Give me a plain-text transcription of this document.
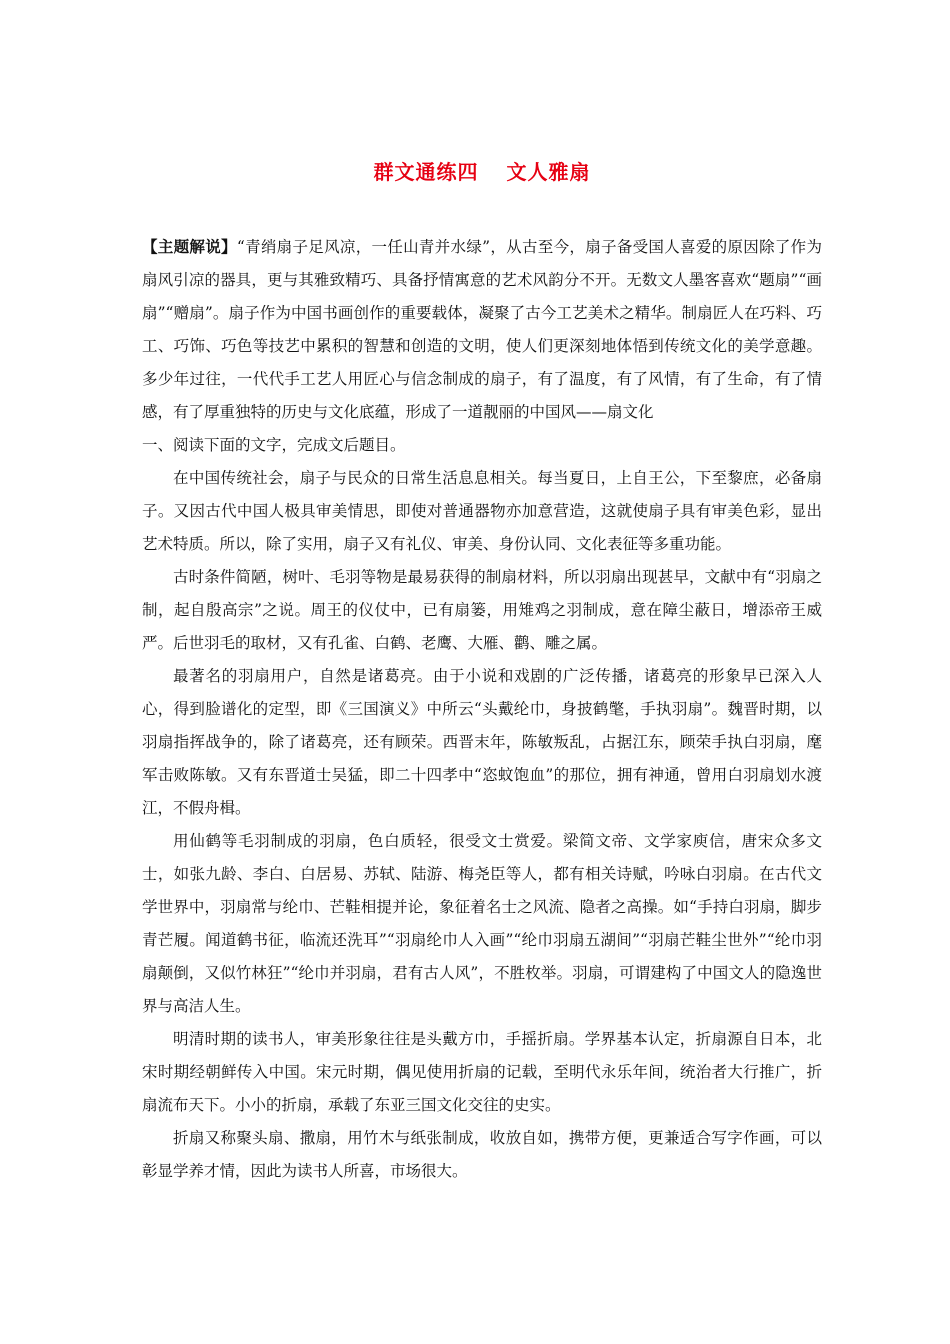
群文通练四 文人雅扇

【主题解说】“青绡扇子足风凉，一任山青并水绿”，从古至今，扇子备受国人喜爱的原因除了作为扇风引凉的器具，更与其雅致精巧、具备抒情寓意的艺术风韵分不开。无数文人墨客喜欢“题扇”“画扇”“赠扇”。扇子作为中国书画创作的重要载体，凝聚了古今工艺美术之精华。制扇匠人在巧料、巧工、巧饰、巧色等技艺中累积的智慧和创造的文明，使人们更深刻地体悟到传统文化的美学意趣。多少年过往，一代代手工艺人用匠心与信念制成的扇子，有了温度，有了风情，有了生命，有了情感，有了厚重独特的历史与文化底蕴，形成了一道靓丽的中国风——扇文化

一、阅读下面的文字，完成文后题目。

在中国传统社会，扇子与民众的日常生活息息相关。每当夏日，上自王公，下至黎庶，必备扇子。又因古代中国人极具审美情思，即使对普通器物亦加意营造，这就使扇子具有审美色彩，显出艺术特质。所以，除了实用，扇子又有礼仪、审美、身份认同、文化表征等多重功能。

古时条件简陋，树叶、毛羽等物是最易获得的制扇材料，所以羽扇出现甚早，文献中有“羽扇之制，起自殷高宗”之说。周王的仪仗中，已有扇篓，用雉鸡之羽制成，意在障尘蔽日，增添帝王威严。后世羽毛的取材，又有孔雀、白鹤、老鹰、大雁、鹳、雕之属。

最著名的羽扇用户，自然是诸葛亮。由于小说和戏剧的广泛传播，诸葛亮的形象早已深入人心，得到脸谱化的定型，即《三国演义》中所云“头戴纶巾，身披鹤氅，手执羽扇”。魏晋时期，以羽扇指挥战争的，除了诸葛亮，还有顾荣。西晋末年，陈敏叛乱，占据江东，顾荣手执白羽扇，麾军击败陈敏。又有东晋道士吴猛，即二十四孝中“恣蚊饱血”的那位，拥有神通，曾用白羽扇划水渡江，不假舟楫。

用仙鹤等毛羽制成的羽扇，色白质轻，很受文士赏爱。梁简文帝、文学家庾信，唐宋众多文士，如张九龄、李白、白居易、苏轼、陆游、梅尧臣等人，都有相关诗赋，吟咏白羽扇。在古代文学世界中，羽扇常与纶巾、芒鞋相提并论，象征着名士之风流、隐者之高操。如“手持白羽扇，脚步青芒履。闻道鹤书征，临流还洗耳”“羽扇纶巾人入画”“纶巾羽扇五湖间”“羽扇芒鞋尘世外”“纶巾羽扇颠倒，又似竹林狂”“纶巾并羽扇，君有古人风”，不胜枚举。羽扇，可谓建构了中国文人的隐逸世界与高洁人生。

明清时期的读书人，审美形象往往是头戴方巾，手摇折扇。学界基本认定，折扇源自日本，北宋时期经朝鲜传入中国。宋元时期，偶见使用折扇的记载，至明代永乐年间，统治者大行推广，折扇流布天下。小小的折扇，承载了东亚三国文化交往的史实。

折扇又称聚头扇、撒扇，用竹木与纸张制成，收放自如，携带方便，更兼适合写字作画，可以彰显学养才情，因此为读书人所喜，市场很大。
